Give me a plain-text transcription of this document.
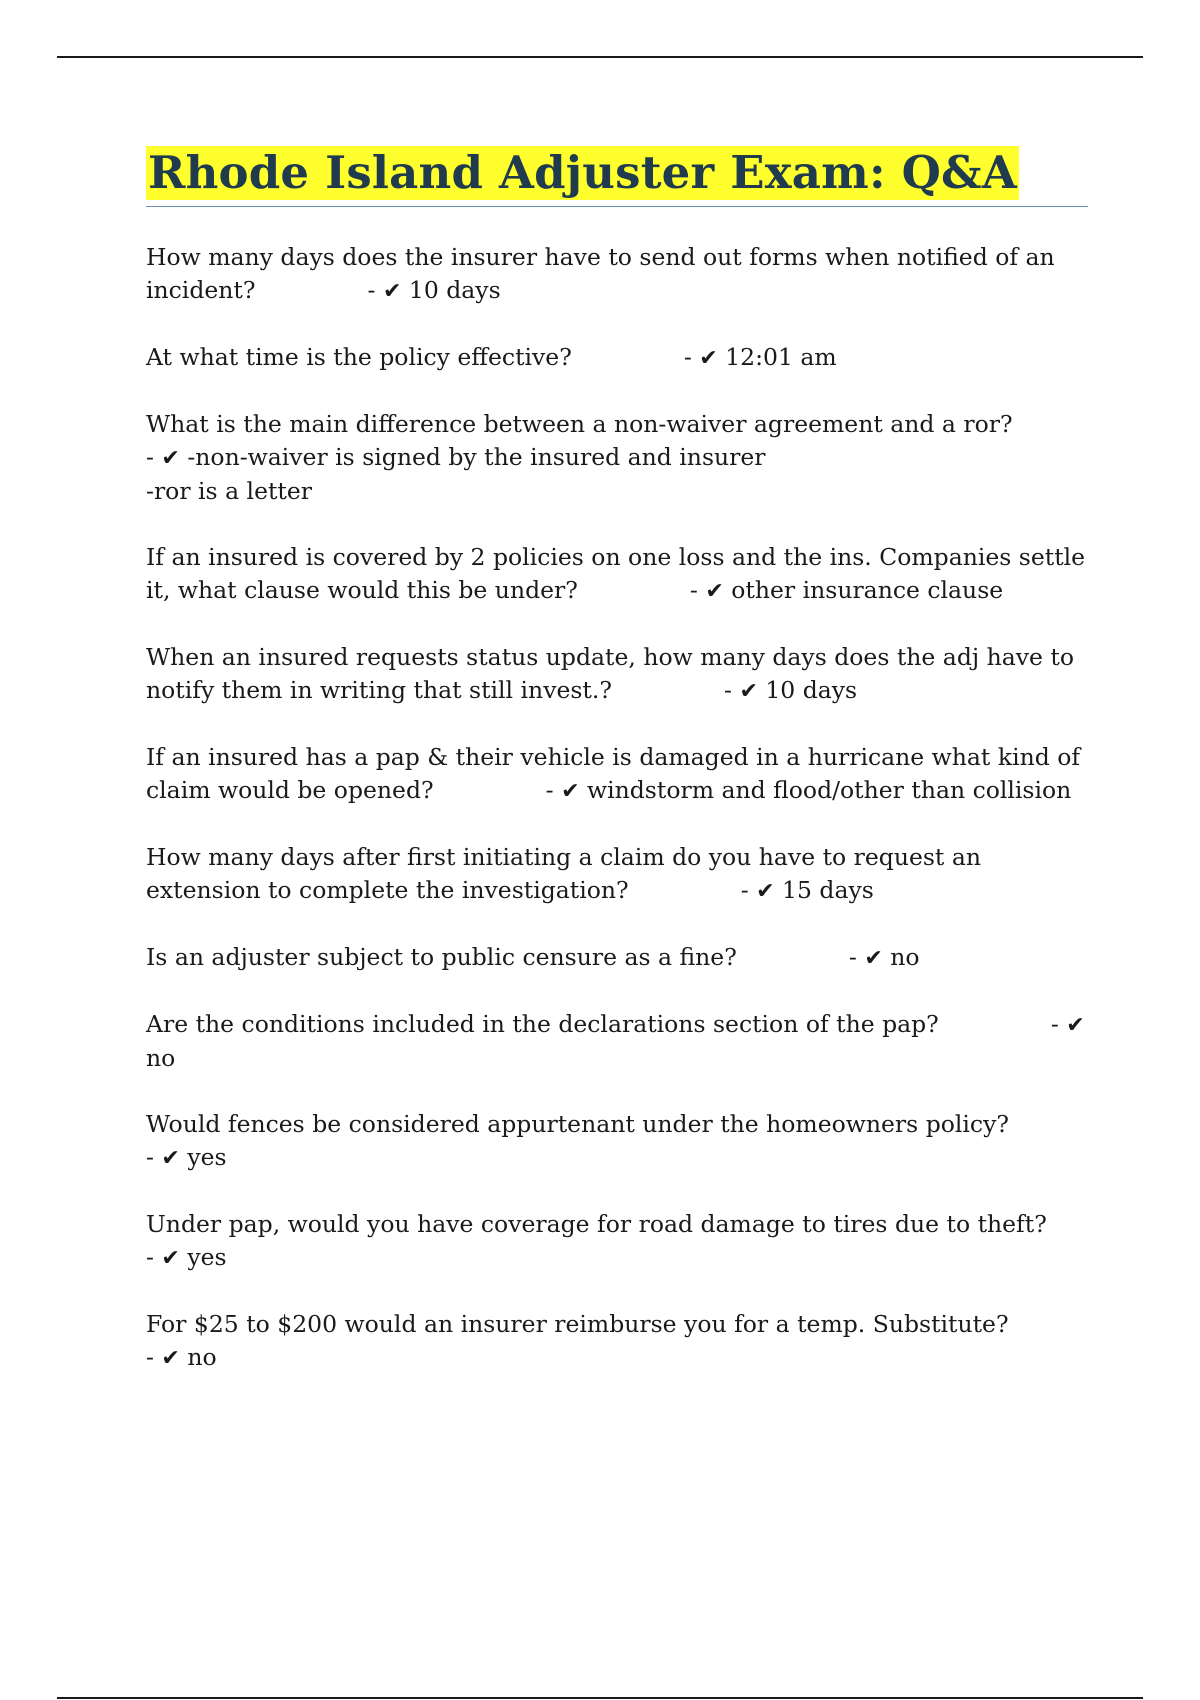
Rhode Island Adjuster Exam: Q&A

How many days does the insurer have to send out forms when notified of an incident?	- ✔ 10 days

At what time is the policy effective?	- ✔ 12:01 am

What is the main difference between a non-waiver agreement and a ror?
- ✔ -non-waiver is signed by the insured and insurer
-ror is a letter

If an insured is covered by 2 policies on one loss and the ins. Companies settle it, what clause would this be under?	- ✔ other insurance clause

When an insured requests status update, how many days does the adj have to notify them in writing that still invest.?	- ✔ 10 days

If an insured has a pap & their vehicle is damaged in a hurricane what kind of claim would be opened?	- ✔ windstorm and flood/other than collision

How many days after first initiating a claim do you have to request an extension to complete the investigation?	- ✔ 15 days

Is an adjuster subject to public censure as a fine?	- ✔ no

Are the conditions included in the declarations section of the pap?	- ✔ no

Would fences be considered appurtenant under the homeowners policy?
- ✔ yes

Under pap, would you have coverage for road damage to tires due to theft?
- ✔ yes

For $25 to $200 would an insurer reimburse you for a temp. Substitute?
- ✔ no
